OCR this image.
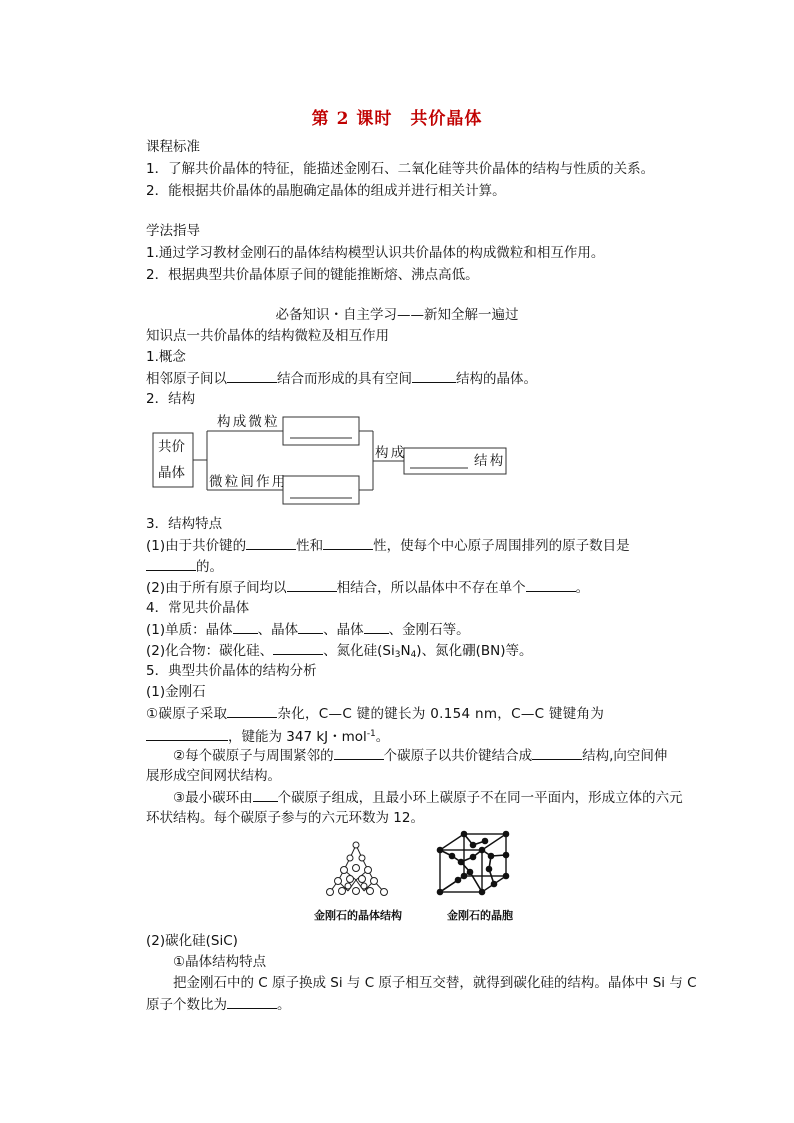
第 2 课时　共价晶体
课程标准
1．了解共价晶体的特征，能描述金刚石、二氧化硅等共价晶体的结构与性质的关系。
2．能根据共价晶体的晶胞确定晶体的组成并进行相关计算。
学法指导
1.通过学习教材金刚石的晶体结构模型认识共价晶体的构成微粒和相互作用。
2．根据典型共价晶体原子间的键能推断熔、沸点高低。
必备知识・自主学习——新知全解一遍过
知识点一共价晶体的结构微粒及相互作用
1.概念
相邻原子间以	结合而形成的具有空间	结构的晶体。
2．结构
共价
晶体
构成微粒
微粒间作用
构成	结构
3．结构特点
(1)由于共价键的	性和	性，使每个中心原子周围排列的原子数目是
的。
(2)由于所有原子间均以	相结合，所以晶体中不存在单个	。
4．常见共价晶体
(1)单质：晶体 、晶体 、晶体 、金刚石等。
(2)化合物：碳化硅、	、氮化硅$(Si_3N_4)$、氮化硼(BN)等。
5．典型共价晶体的结构分析
(1)金刚石
①碳原子采取	杂化，C—C 键的键长为 0.154 nm，C—C 键键角为
，键能为 347 kJ・mol$^{-1}$。
②每个碳原子与周围紧邻的	个碳原子以共价键结合成	结构,向空间伸
展形成空间网状结构。
③最小碳环由 个碳原子组成，且最小环上碳原子不在同一平面内，形成立体的六元
环状结构。每个碳原子参与的六元环数为 12。
金刚石的晶体结构	金刚石的晶胞
(2)碳化硅(SiC)
①晶体结构特点
把金刚石中的 C 原子换成 Si 与 C 原子相互交替，就得到碳化硅的结构。晶体中 Si 与 C
原子个数比为	。
